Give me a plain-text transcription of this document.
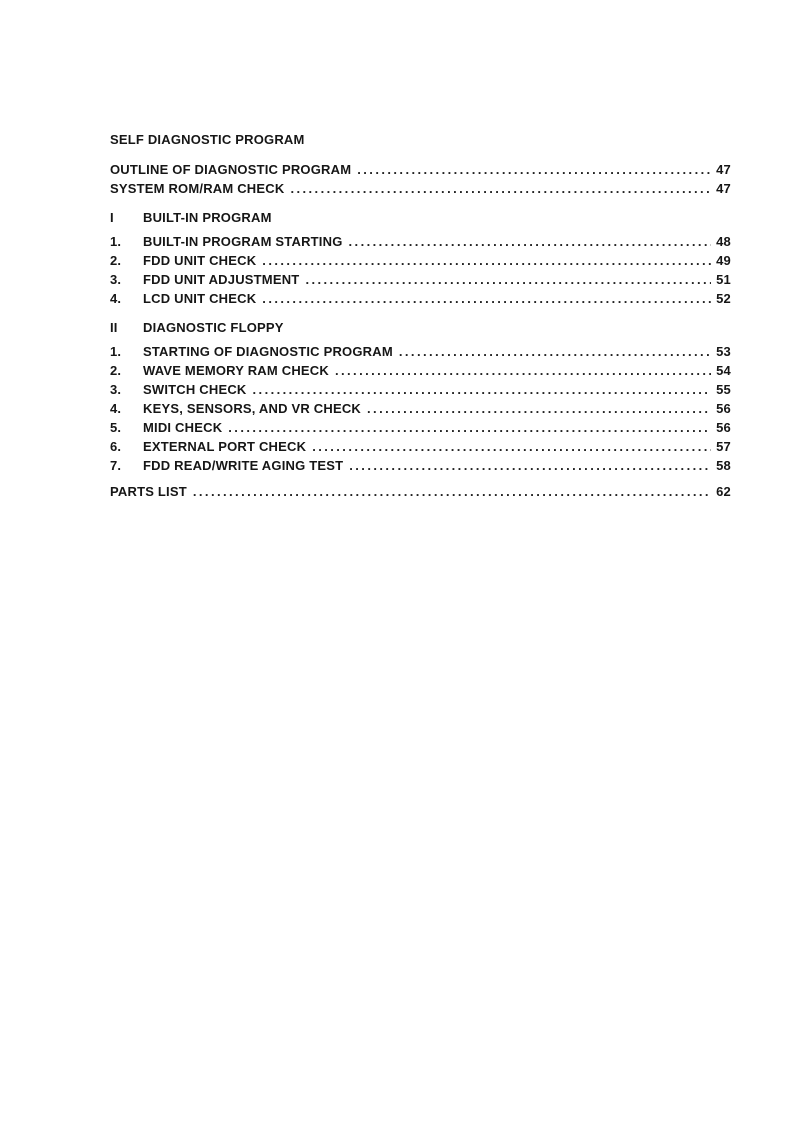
SELF DIAGNOSTIC PROGRAM
OUTLINE OF DIAGNOSTIC PROGRAM . . .	47
SYSTEM ROM/RAM CHECK . . .	47
I BUILT-IN PROGRAM
1.	BUILT-IN PROGRAM STARTING . . .	48
2.	FDD UNIT CHECK . . .	49
3.	FDD UNIT ADJUSTMENT . . .	51
4.	LCD UNIT CHECK . . .	52
II DIAGNOSTIC FLOPPY
1.	STARTING OF DIAGNOSTIC PROGRAM . . .	53
2.	WAVE MEMORY RAM CHECK . . .	54
3.	SWITCH CHECK . . .	55
4.	KEYS, SENSORS, AND VR CHECK . . .	56
5.	MIDI CHECK . . .	56
6.	EXTERNAL PORT CHECK . . .	57
7.	FDD READ/WRITE AGING TEST . . .	58
PARTS LIST . . .	62
